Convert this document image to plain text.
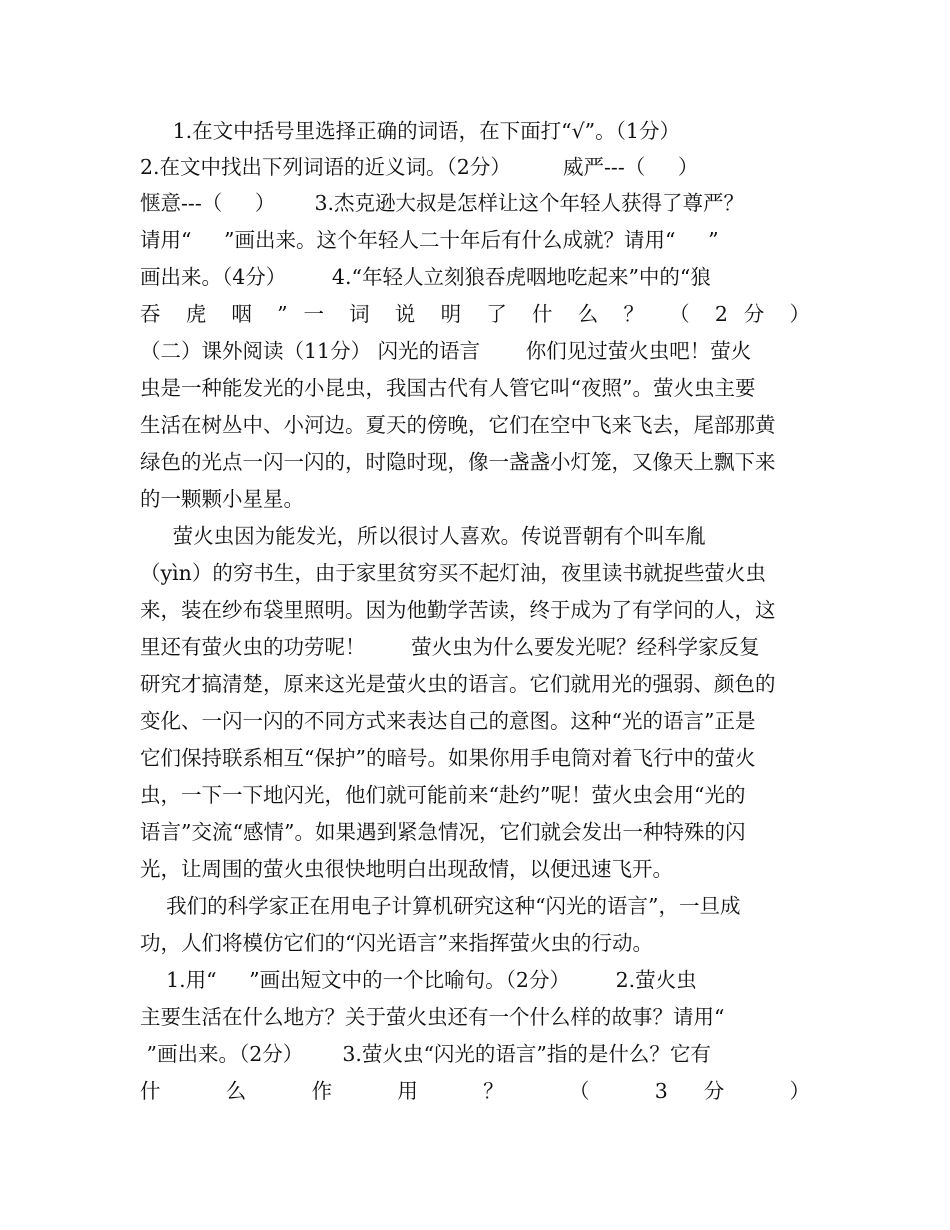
1.在文中括号里选择正确的词语，在下面打“√”。（1分）
2.在文中找出下列词语的近义词。（2分）        威严---（     ）
惬意---（     ）      3.杰克逊大叔是怎样让这个年轻人获得了尊严？
请用“     ”画出来。这个年轻人二十年后有什么成就？请用“     ”
画出来。（4分）       4.“年轻人立刻狼吞虎咽地吃起来”中的“狼
吞 虎 咽 ” 一 词 说 明 了 什 么 ？ （ 2 分 ）
（二）课外阅读（11分） 闪光的语言       你们见过萤火虫吧！萤火
虫是一种能发光的小昆虫，我国古代有人管它叫“夜照”。萤火虫主要
生活在树丛中、小河边。夏天的傍晚，它们在空中飞来飞去，尾部那黄
绿色的光点一闪一闪的，时隐时现，像一盏盏小灯笼，又像天上飘下来
的一颗颗小星星。
萤火虫因为能发光，所以很讨人喜欢。传说晋朝有个叫车胤
（yìn）的穷书生，由于家里贫穷买不起灯油，夜里读书就捉些萤火虫
来，装在纱布袋里照明。因为他勤学苦读，终于成为了有学问的人，这
里还有萤火虫的功劳呢！       萤火虫为什么要发光呢？经科学家反复
研究才搞清楚，原来这光是萤火虫的语言。它们就用光的强弱、颜色的
变化、一闪一闪的不同方式来表达自己的意图。这种“光的语言”正是
它们保持联系相互“保护”的暗号。如果你用手电筒对着飞行中的萤火
虫，一下一下地闪光，他们就可能前来“赴约”呢！萤火虫会用“光的
语言”交流“感情”。如果遇到紧急情况，它们就会发出一种特殊的闪
光，让周围的萤火虫很快地明白出现敌情，以便迅速飞开。
我们的科学家正在用电子计算机研究这种“闪光的语言”，一旦成
功，人们将模仿它们的“闪光语言”来指挥萤火虫的行动。
1.用“     ”画出短文中的一个比喻句。（2分）       2.萤火虫
主要生活在什么地方？关于萤火虫还有一个什么样的故事？请用“
”画出来。（2分）      3.萤火虫“闪光的语言”指的是什么？它有
什 么 作 用 ？ （ 3 分 ）
